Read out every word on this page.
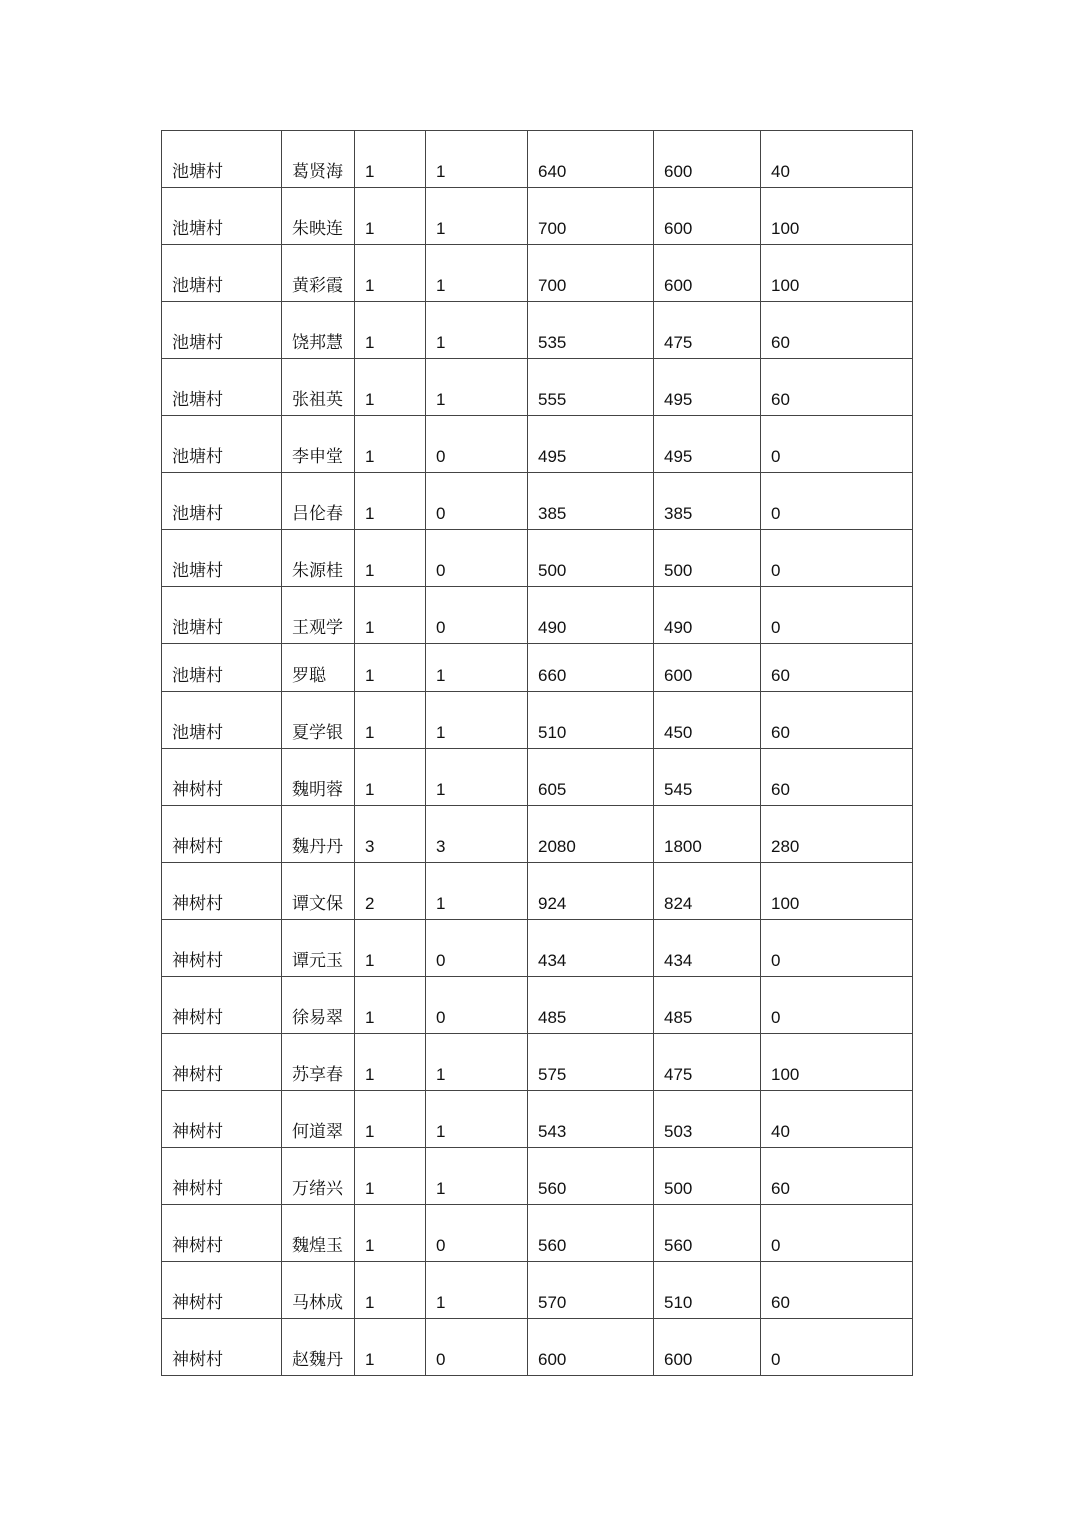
池塘村	葛贤海	1	1	640	600	40
池塘村	朱映连	1	1	700	600	100
池塘村	黄彩霞	1	1	700	600	100
池塘村	饶邦慧	1	1	535	475	60
池塘村	张祖英	1	1	555	495	60
池塘村	李申堂	1	0	495	495	0
池塘村	吕伦春	1	0	385	385	0
池塘村	朱源桂	1	0	500	500	0
池塘村	王观学	1	0	490	490	0
池塘村	罗聪	1	1	660	600	60
池塘村	夏学银	1	1	510	450	60
神树村	魏明蓉	1	1	605	545	60
神树村	魏丹丹	3	3	2080	1800	280
神树村	谭文保	2	1	924	824	100
神树村	谭元玉	1	0	434	434	0
神树村	徐易翠	1	0	485	485	0
神树村	苏享春	1	1	575	475	100
神树村	何道翠	1	1	543	503	40
神树村	万绪兴	1	1	560	500	60
神树村	魏煌玉	1	0	560	560	0
神树村	马林成	1	1	570	510	60
神树村	赵魏丹	1	0	600	600	0
